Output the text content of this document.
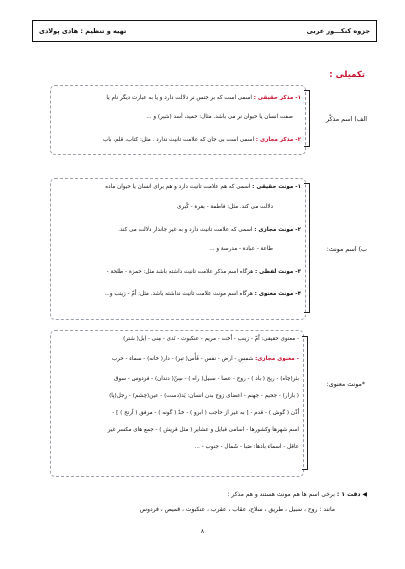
جزوه کنکـــور عربی
تهیه و تنظیم : هادی پولادی
تکمیلی :
الف) اسم مذکّر
۱- مذکر حقیقی : اسمی است که بر جنس نر دلالت دارد و یا به عبارت دیگر نام یا
صفت انسان یا حیوان نر می باشد. مثال: حمید، أسد (شیر) و ...
۲- مذکر مجازی : اسمی است بی جان که علامت تانیث ندارد . مثل: کتاب، قلم، باب
ب) اسم مونث:
۱- مونث حقیقی : اسمی که هم علامت تانیث دارد و هم برای انسان یا حیوان ماده
دلالت می کند. مثل: فاطمة - بقرة - کُبری
۲- مونث مجازی : اسمی که علامت تانیث دارد و به غیر جاندار دلالت می کند.
طاعة - عبادة - مدرسة و ...
۳- مونث لفظی : هرگاه اسم مذکر علامت تانیث داشته باشد مثل: حمزة - طلحة -
۴- مونث معنوی : هرگاه اسم مونث علامت تانیث نداشته باشد. مثل: اُمّ - زینب و...
*مونث معنوی:
- معنوی حقیقی: اُمّ - زینب - اُخت - مریم - عنکبوت - نَدی - مِنی - اِبل( شتر)
- معنوی مجازی: شمس - ارض - نفس - فَأْس( تبر) - دار( خانه) - سماء - حرب
بئر(چاه) - ریح ( باد ) - روح - عصا - سبیل( راه ) - سِنّ( دندان) - فردوس - سوق
( بازار) - جحیم - جهنم - اعضای زوج بدن انسان: یَد(دست) - عین(چشم) - رِجل(پا)
اُذُن ( گوش ) - قدم - [ به غیر از حاجب ( ابرو ) - خدّ ( گونه ) - مرفق ( آرنج ) ] -
اسم شهرها وکشورها - اسامی قبایل و عشایر ( مثل قریش ) - جمع های مکسر غیر
عاقل - اسماء بادها: صَبا - شَمال - جنوب - ...
◀ دقت ۱ : برخی اسم ها هم مونث هستند و هم مذکر :
مانند : روح ، سبیل ، طریق ، سلاح، عقاب ، عقرب ، عنکبوت ، قمیص ، فردوس
۸
